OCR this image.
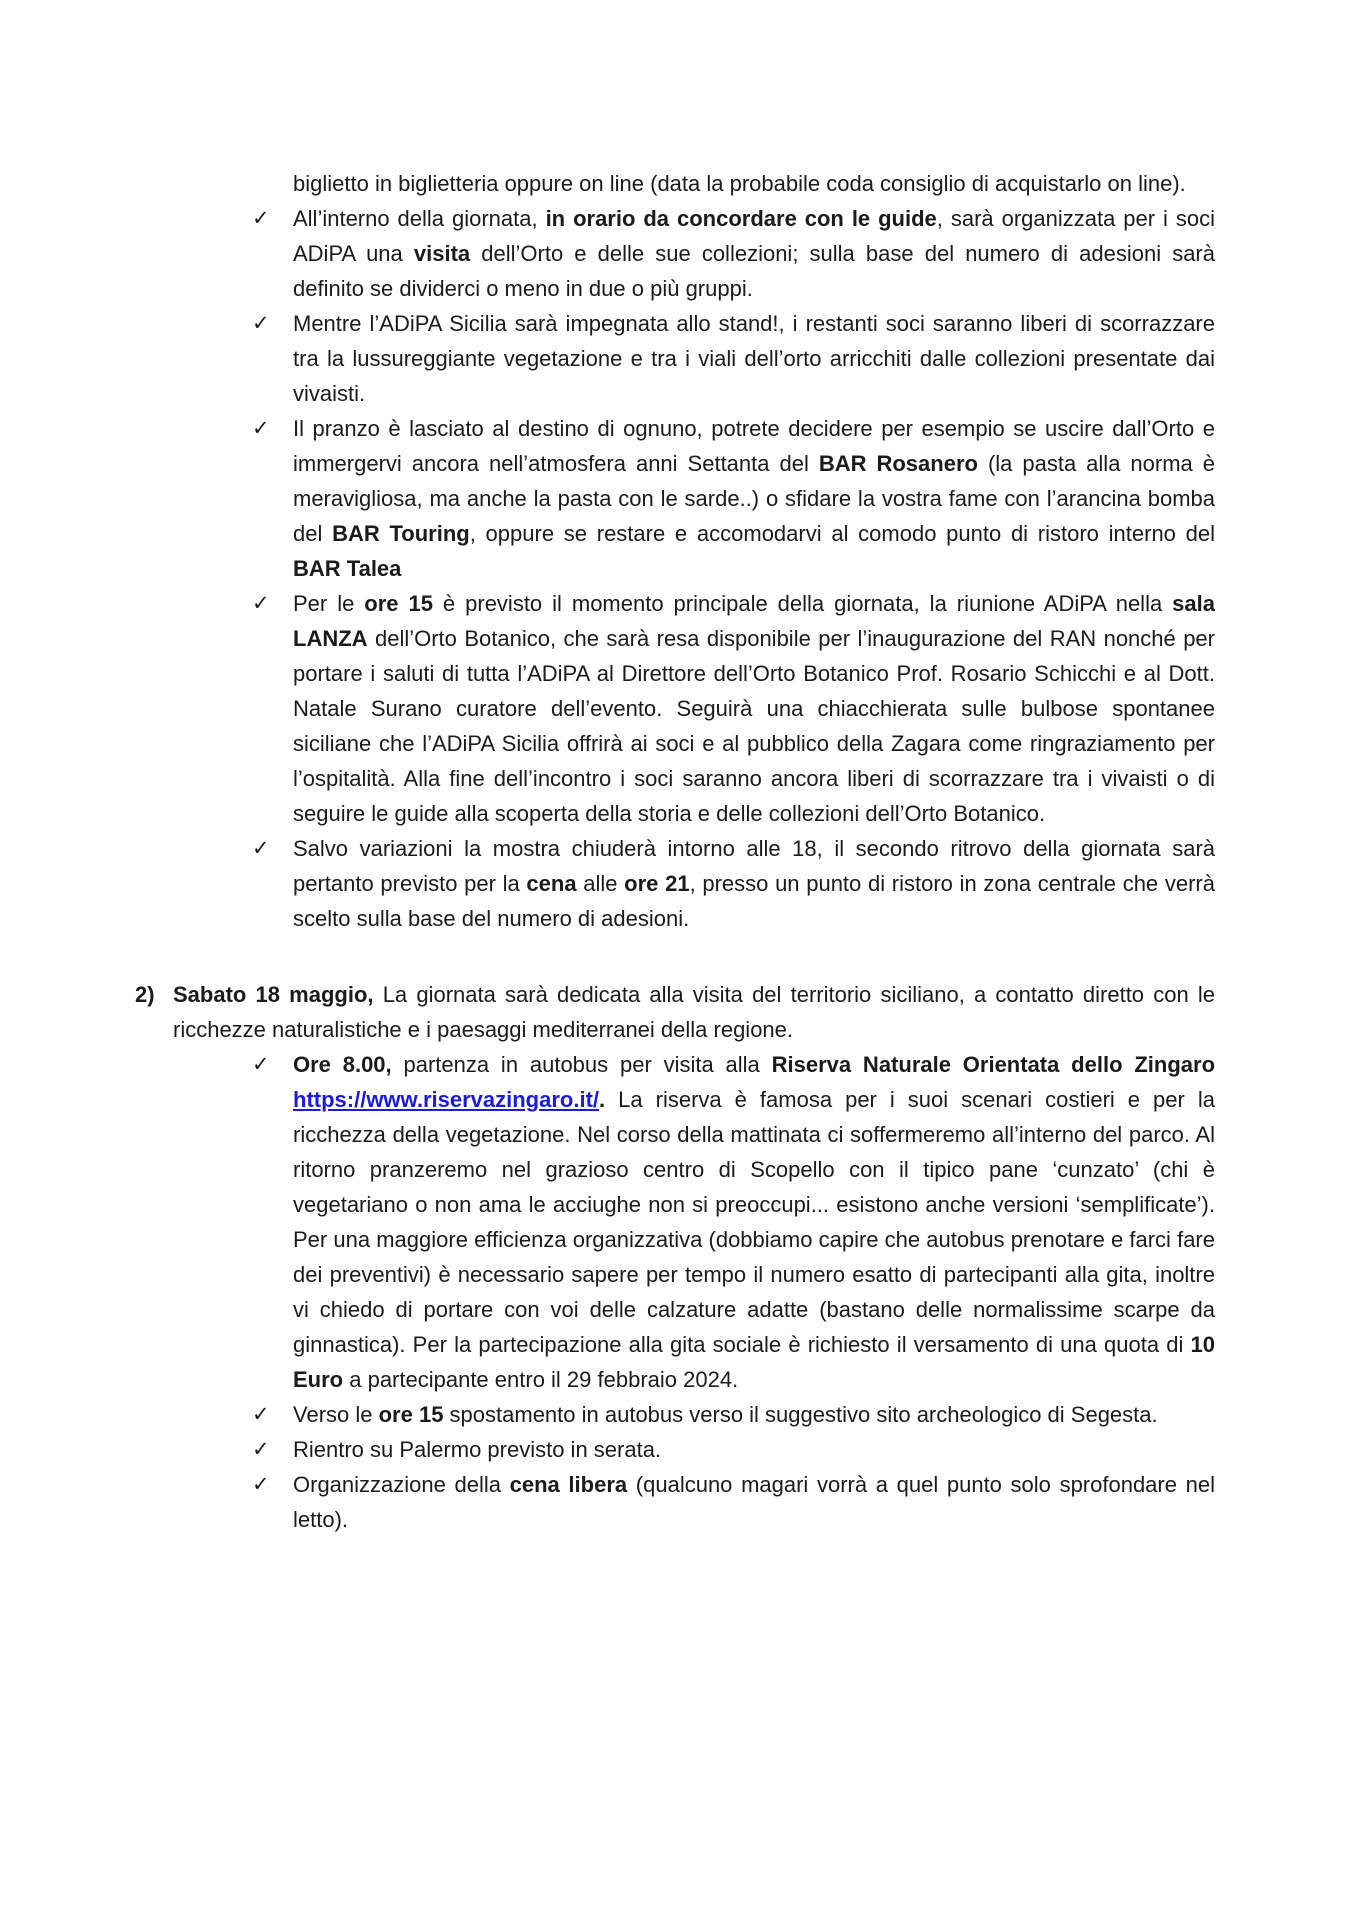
biglietto in biglietteria oppure on line (data la probabile coda consiglio di acquistarlo on line).

✓ All’interno della giornata, in orario da concordare con le guide, sarà organizzata per i soci ADiPA una visita dell’Orto e delle sue collezioni; sulla base del numero di adesioni sarà definito se dividerci o meno in due o più gruppi.
✓ Mentre l’ADiPA Sicilia sarà impegnata allo stand!, i restanti soci saranno liberi di scorrazzare tra la lussureggiante vegetazione e tra i viali dell’orto arricchiti dalle collezioni presentate dai vivaisti.
✓ Il pranzo è lasciato al destino di ognuno, potrete decidere per esempio se uscire dall’Orto e immergervi ancora nell’atmosfera anni Settanta del BAR Rosanero (la pasta alla norma è meravigliosa, ma anche la pasta con le sarde..) o sfidare la vostra fame con l’arancina bomba del BAR Touring, oppure se restare e accomodarvi al comodo punto di ristoro interno del BAR Talea
✓ Per le ore 15 è previsto il momento principale della giornata, la riunione ADiPA nella sala LANZA dell’Orto Botanico, che sarà resa disponibile per l’inaugurazione del RAN nonché per portare i saluti di tutta l’ADiPA al Direttore dell’Orto Botanico Prof. Rosario Schicchi e al Dott. Natale Surano curatore dell’evento. Seguirà una chiacchierata sulle bulbose spontanee siciliane che l’ADiPA Sicilia offrirà ai soci e al pubblico della Zagara come ringraziamento per l’ospitalità. Alla fine dell’incontro i soci saranno ancora liberi di scorrazzare tra i vivaisti o di seguire le guide alla scoperta della storia e delle collezioni dell’Orto Botanico.
✓ Salvo variazioni la mostra chiuderà intorno alle 18, il secondo ritrovo della giornata sarà pertanto previsto per la cena alle ore 21, presso un punto di ristoro in zona centrale che verrà scelto sulla base del numero di adesioni.
2) Sabato 18 maggio, La giornata sarà dedicata alla visita del territorio siciliano, a contatto diretto con le ricchezze naturalistiche e i paesaggi mediterranei della regione.
✓ Ore 8.00, partenza in autobus per visita alla Riserva Naturale Orientata dello Zingaro https://www.riservazingaro.it/. La riserva è famosa per i suoi scenari costieri e per la ricchezza della vegetazione. Nel corso della mattinata ci soffermeremo all’interno del parco. Al ritorno pranzeremo nel grazioso centro di Scopello con il tipico pane ‘cunzato’ (chi è vegetariano o non ama le acciughe non si preoccupi... esistono anche versioni ‘semplificate’). Per una maggiore efficienza organizzativa (dobbiamo capire che autobus prenotare e farci fare dei preventivi) è necessario sapere per tempo il numero esatto di partecipanti alla gita, inoltre vi chiedo di portare con voi delle calzature adatte (bastano delle normalissime scarpe da ginnastica). Per la partecipazione alla gita sociale è richiesto il versamento di una quota di 10 Euro a partecipante entro il 29 febbraio 2024.
✓ Verso le ore 15 spostamento in autobus verso il suggestivo sito archeologico di Segesta.
✓ Rientro su Palermo previsto in serata.
✓ Organizzazione della cena libera (qualcuno magari vorrà a quel punto solo sprofondare nel letto).
